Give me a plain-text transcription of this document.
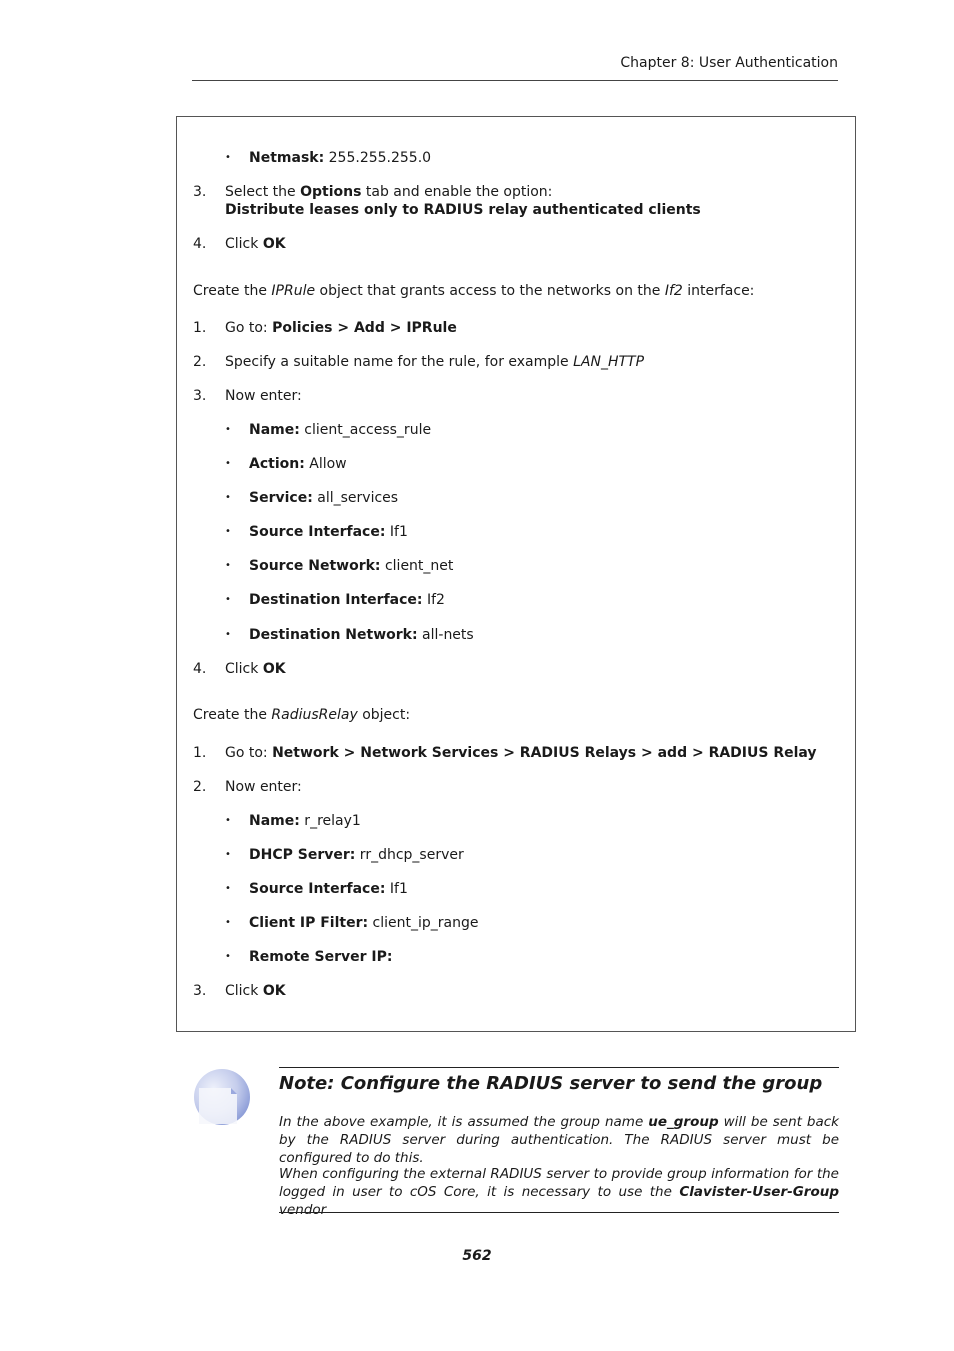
Chapter 8: User Authentication
• Netmask: 255.255.255.0
3. Select the Options tab and enable the option:
Distribute leases only to RADIUS relay authenticated clients
4. Click OK
Create the IPRule object that grants access to the networks on the If2 interface:
1. Go to: Policies > Add > IPRule
2. Specify a suitable name for the rule, for example LAN_HTTP
3. Now enter:
• Name: client_access_rule
• Action: Allow
• Service: all_services
• Source Interface: If1
• Source Network: client_net
• Destination Interface: If2
• Destination Network: all-nets
4. Click OK
Create the RadiusRelay object:
1. Go to: Network > Network Services > RADIUS Relays > add > RADIUS Relay
2. Now enter:
• Name: r_relay1
• DHCP Server: rr_dhcp_server
• Source Interface: If1
• Client IP Filter: client_ip_range
• Remote Server IP:
3. Click OK
Note: Configure the RADIUS server to send the group
In the above example, it is assumed the group name ue_group will be sent back by the RADIUS server during authentication. The RADIUS server must be configured to do this.
When configuring the external RADIUS server to provide group information for the logged in user to cOS Core, it is necessary to use the Clavister-User-Group vendor
562
